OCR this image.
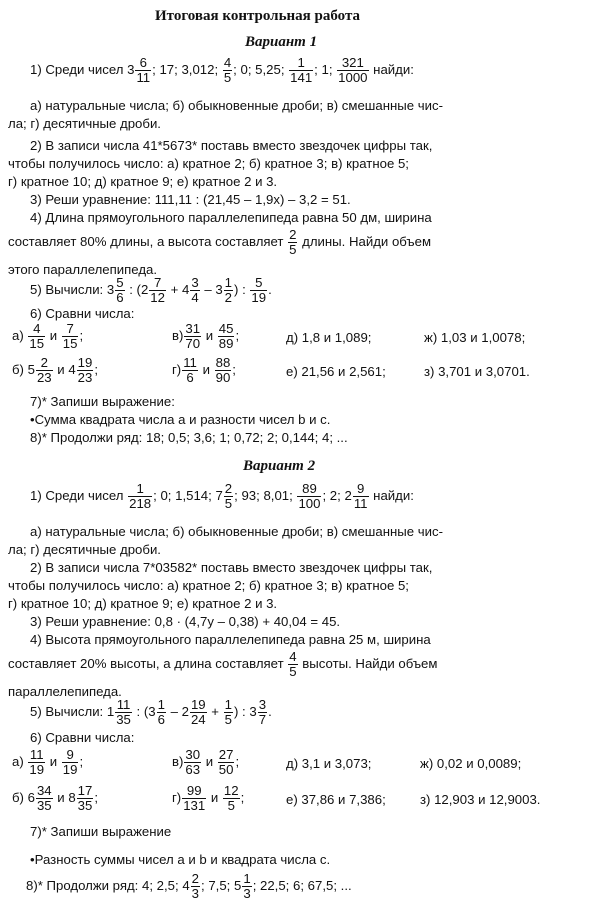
Итоговая контрольная работа
Вариант 1
1) Среди чисел $3 \frac{6}{11}$ ; 17; 3,012; $\frac{4}{5}$ ; 0; 5,25; $\frac{1}{141}$ ; 1; $\frac{321}{1000}$ найди:
а) натуральные числа; б) обыкновенные дроби; в) смешанные чис-
ла; г) десятичные дроби.
2) В записи числа 41*5673* поставь вместо звездочек цифры так,
чтобы получилось число: а) кратное 2; б) кратное 3; в) кратное 5;
г) кратное 10; д) кратное 9; е) кратное 2 и 3.
3) Реши уравнение: 111,11 : (21,45 – 1,9x) – 3,2 = 51.
4) Длина прямоугольного параллелепипеда равна 50 дм, ширина
составляет 80% длины, а высота составляет $\frac{2}{5}$ длины. Найди объем
этого параллелепипеда.
5) Вычисли: $3 \frac{5}{6}$ : ($2 \frac{7}{12} + 4 \frac{3}{4} - 3 \frac{1}{2}$ ) : $\frac{5}{19}$ .
6) Сравни числа:
$а) \frac{4}{15}$ и $\frac{7}{15}$ ;	$в) \frac{31}{70}$ и $\frac{45}{89}$ ;	д) 1,8 и 1,089;	ж) 1,03 и 1,0078;
б) $5 \frac{2}{23}$ и $4 \frac{19}{23}$ ;	$г) \frac{11}{6}$ и $\frac{88}{90}$ ;	е) 21,56 и 2,561;	з) 3,701 и 3,0701.
7)* Запиши выражение:
•Сумма квадрата числа a и разности чисел b и c.
8)* Продолжи ряд: 18; 0,5; 3,6; 1; 0,72; 2; 0,144; 4; ...
Вариант 2
1) Среди чисел $\frac{1}{218}$ ; 0; 1,514; $7 \frac{2}{5}$ ; 93; 8,01; $\frac{89}{100}$ ; 2; $2 \frac{9}{11}$ найди:
а) натуральные числа; б) обыкновенные дроби; в) смешанные чис-
ла; г) десятичные дроби.
2) В записи числа 7*03582* поставь вместо звездочек цифры так,
чтобы получилось число: а) кратное 2; б) кратное 3; в) кратное 5;
г) кратное 10; д) кратное 9; е) кратное 2 и 3.
3) Реши уравнение: 0,8 · (4,7y – 0,38) + 40,04 = 45.
4) Высота прямоугольного параллелепипеда равна 25 м, ширина
составляет 20% высоты, а длина составляет $\frac{4}{5}$ высоты. Найди объем
параллелепипеда.
5) Вычисли: $1 \frac{11}{35}$ : ($3 \frac{1}{6} - 2 \frac{19}{24} + \frac{1}{5}$ ) : $3 \frac{3}{7}$ .
6) Сравни числа:
$а) \frac{11}{19}$ и $\frac{9}{19}$ ;	$в) \frac{30}{63}$ и $\frac{27}{50}$ ;	д) 3,1 и 3,073;	ж) 0,02 и 0,0089;
б) $6 \frac{34}{35}$ и $8 \frac{17}{35}$ ;	$г) \frac{99}{131}$ и $\frac{12}{5}$ ;	е) 37,86 и 7,386;	з) 12,903 и 12,9003.
7)* Запиши выражение
•Разность суммы чисел a и b и квадрата числа c.
8)* Продолжи ряд: 4; 2,5; $4 \frac{2}{3}$ ; 7,5; $5 \frac{1}{3}$ ; 22,5; 6; 67,5; ...
